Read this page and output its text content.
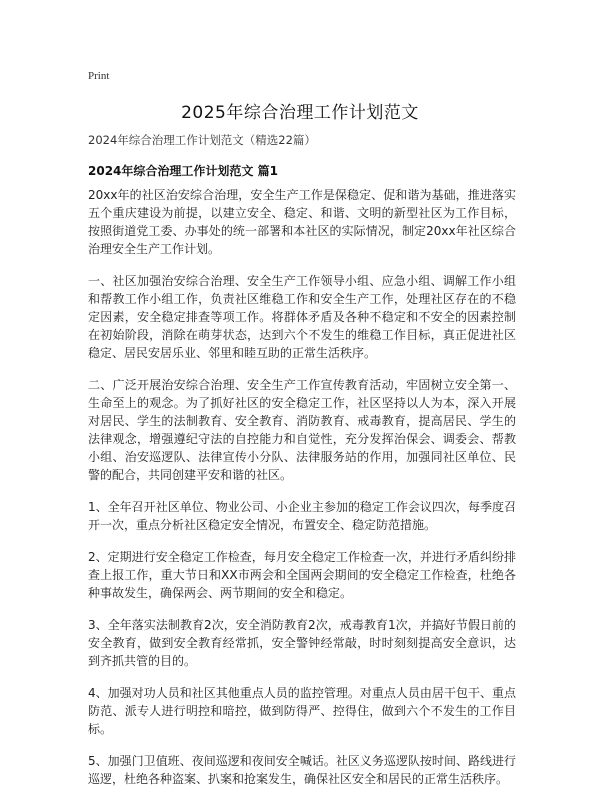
Print
2025年综合治理工作计划范文
2024年综合治理工作计划范文（精选22篇）
2024年综合治理工作计划范文 篇1

20xx年的社区治安综合治理，安全生产工作是保稳定、促和谐为基础，推进落实五个重庆建设为前提，以建立安全、稳定、和谐、文明的新型社区为工作目标，按照街道党工委、办事处的统一部署和本社区的实际情况，制定20xx年社区综合治理安全生产工作计划。

一、社区加强治安综合治理、安全生产工作领导小组、应急小组、调解工作小组和帮教工作小组工作，负责社区维稳工作和安全生产工作，处理社区存在的不稳定因素，安全稳定排查等项工作。将群体矛盾及各种不稳定和不安全的因素控制在初始阶段，消除在萌芽状态，达到六个不发生的维稳工作目标，真正促进社区稳定、居民安居乐业、邻里和睦互助的正常生活秩序。

二、广泛开展治安综合治理、安全生产工作宣传教育活动，牢固树立安全第一、生命至上的观念。为了抓好社区的安全稳定工作，社区坚持以人为本，深入开展对居民、学生的法制教育、安全教育、消防教育、戒毒教育，提高居民、学生的法律观念，增强遵纪守法的自控能力和自觉性，充分发挥治保会、调委会、帮教小组、治安巡逻队、法律宣传小分队、法律服务站的作用，加强同社区单位、民警的配合，共同创建平安和谐的社区。

1、全年召开社区单位、物业公司、小企业主参加的稳定工作会议四次，每季度召开一次，重点分析社区稳定安全情况，布置安全、稳定防范措施。

2、定期进行安全稳定工作检查，每月安全稳定工作检查一次，并进行矛盾纠纷排查上报工作，重大节日和XX市两会和全国两会期间的安全稳定工作检查，杜绝各种事故发生，确保两会、两节期间的安全和稳定。

3、全年落实法制教育2次，安全消防教育2次，戒毒教育1次，并搞好节假日前的安全教育，做到安全教育经常抓，安全警钟经常敲，时时刻刻提高安全意识，达到齐抓共管的目的。

4、加强对功人员和社区其他重点人员的监控管理。对重点人员由居干包干、重点防范、派专人进行明控和暗控，做到防得严、控得住，做到六个不发生的工作目标。

5、加强门卫值班、夜间巡逻和夜间安全喊话。社区义务巡逻队按时间、路线进行巡逻，杜绝各种盗案、扒案和抢案发生，确保社区安全和居民的正常生活秩序。
